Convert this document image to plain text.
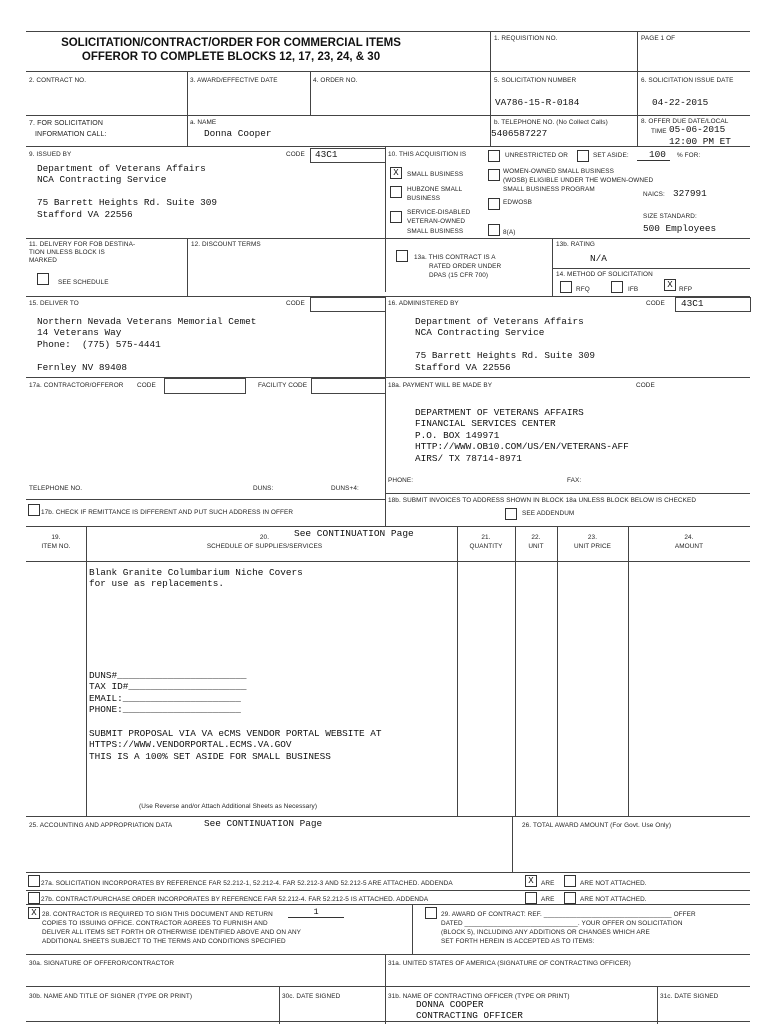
SOLICITATION/CONTRACT/ORDER FOR COMMERCIAL ITEMS
OFFEROR TO COMPLETE BLOCKS 12, 17, 23, 24, & 30
1. REQUISITION NO.	PAGE 1 OF
2. CONTRACT NO.	3. AWARD/EFFECTIVE DATE	4. ORDER NO.	5. SOLICITATION NUMBER
VA786-15-R-0184
6. SOLICITATION ISSUE DATE
04-22-2015
7. FOR SOLICITATION
INFORMATION CALL:
a. NAME
Donna Cooper
b. TELEPHONE NO. (No Collect Calls)
5406587227
8. OFFER DUE DATE/LOCAL
TIME 05-06-2015
12:00 PM ET
9. ISSUED BY	CODE 43C1
Department of Veterans Affairs
NCA Contracting Service

75 Barrett Heights Rd. Suite 309
Stafford VA 22556
10. THIS ACQUISITION IS	UNRESTRICTED OR	SET ASIDE:	100	% FOR:
X	SMALL BUSINESS
HUBZONE SMALL
BUSINESS
SERVICE-DISABLED
VETERAN-OWNED
SMALL BUSINESS
WOMEN-OWNED SMALL BUSINESS
(WOSB) ELIGIBLE UNDER THE WOMEN-OWNED
SMALL BUSINESS PROGRAM
EDWOSB
8(A)
NAICS: 327991
SIZE STANDARD:
500 Employees
11. DELIVERY FOR FOB DESTINA-
TION UNLESS BLOCK IS
MARKED
SEE SCHEDULE
12. DISCOUNT TERMS
13a. THIS CONTRACT IS A
RATED ORDER UNDER
DPAS (15 CFR 700)
13b. RATING
N/A
14. METHOD OF SOLICITATION
RFQ	IFB	X RFP
15. DELIVER TO	CODE
Northern Nevada Veterans Memorial Cemet
14 Veterans Way
Phone:  (775) 575-4441

Fernley NV 89408
16. ADMINISTERED BY	CODE 43C1
Department of Veterans Affairs
NCA Contracting Service

75 Barrett Heights Rd. Suite 309
Stafford VA 22556
17a. CONTRACTOR/OFFEROR CODE	FACILITY CODE
TELEPHONE NO.	DUNS:	DUNS+4:
17b. CHECK IF REMITTANCE IS DIFFERENT AND PUT SUCH ADDRESS IN OFFER
18a. PAYMENT WILL BE MADE BY	CODE
DEPARTMENT OF VETERANS AFFAIRS
FINANCIAL SERVICES CENTER
P.O. BOX 149971
HTTP://WWW.OB10.COM/US/EN/VETERANS-AFF
AIRS/ TX 78714-8971
PHONE:	FAX:
18b. SUBMIT INVOICES TO ADDRESS SHOWN IN BLOCK 18a UNLESS BLOCK BELOW IS CHECKED
SEE ADDENDUM
19.
ITEM NO.
20.
SCHEDULE OF SUPPLIES/SERVICES
See CONTINUATION Page	21.
QUANTITY
22.
UNIT
23.
UNIT PRICE
24.
AMOUNT
Blank Granite Columbarium Niche Covers
for use as replacements.
DUNS#_______________________
TAX ID#_____________________
EMAIL:_____________________
PHONE:_____________________
SUBMIT PROPOSAL VIA VA eCMS VENDOR PORTAL WEBSITE AT
HTTPS://WWW.VENDORPORTAL.ECMS.VA.GOV
THIS IS A 100% SET ASIDE FOR SMALL BUSINESS
(Use Reverse and/or Attach Additional Sheets as Necessary)
25. ACCOUNTING AND APPROPRIATION DATA	See CONTINUATION Page	26. TOTAL AWARD AMOUNT (For Govt. Use Only)
27a. SOLICITATION INCORPORATES BY REFERENCE FAR 52.212-1, 52.212-4. FAR 52.212-3 AND 52.212-5 ARE ATTACHED. ADDENDA	X	ARE	ARE NOT ATTACHED.
27b. CONTRACT/PURCHASE ORDER INCORPORATES BY REFERENCE FAR 52.212-4. FAR 52.212-5 IS ATTACHED. ADDENDA	ARE	ARE NOT ATTACHED.
X 28. CONTRACTOR IS REQUIRED TO SIGN THIS DOCUMENT AND RETURN	1
COPIES TO ISSUING OFFICE. CONTRACTOR AGREES TO FURNISH AND
DELIVER ALL ITEMS SET FORTH OR OTHERWISE IDENTIFIED ABOVE AND ON ANY
ADDITIONAL SHEETS SUBJECT TO THE TERMS AND CONDITIONS SPECIFIED
29. AWARD OF CONTRACT: REF. ___________________________________ OFFER
DATED _______________________________. YOUR OFFER ON SOLICITATION
(BLOCK 5), INCLUDING ANY ADDITIONS OR CHANGES WHICH ARE
SET FORTH HEREIN IS ACCEPTED AS TO ITEMS:
30a. SIGNATURE OF OFFEROR/CONTRACTOR	31a. UNITED STATES OF AMERICA (SIGNATURE OF CONTRACTING OFFICER)
30b. NAME AND TITLE OF SIGNER (TYPE OR PRINT)	30c. DATE SIGNED	31b. NAME OF CONTRACTING OFFICER (TYPE OR PRINT)	31c. DATE SIGNED
DONNA COOPER
CONTRACTING OFFICER
